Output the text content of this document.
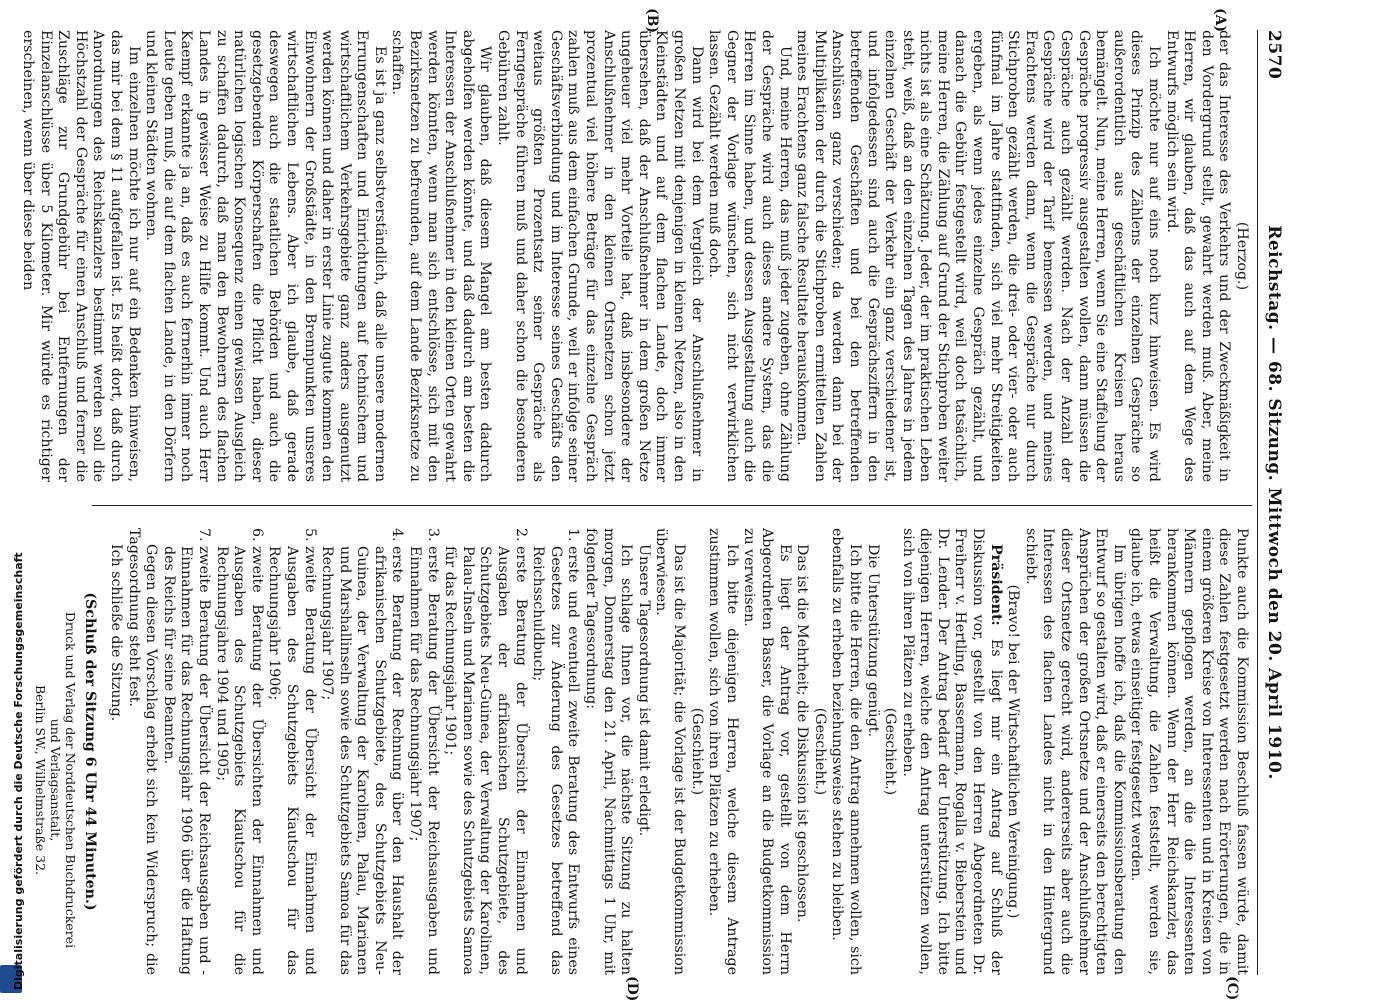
2570
Reichstag. — 68. Sitzung. Mittwoch den 20. April 1910.
(A)
(B)
(C)
(D)

(Herzog.)

der das Interesse des Verkehrs und der Zweckmäßigkeit in den Vordergrund stellt, gewahrt werden muß. Aber, meine Herren, wir glauben, daß das auch auf dem Wege des Entwurfs möglich sein wird.

Ich möchte nur auf eins noch kurz hinweisen. Es wird dieses Prinzip des Zählens der einzelnen Gespräche so außerordentlich aus geschäftlichen Kreisen heraus bemängelt. Nun, meine Herren, wenn Sie eine Staffelung der Gespräche progressiv ausgestalten wollen, dann müssen die Gespräche auch gezählt werden. Nach der Anzahl der Gespräche wird der Tarif bemessen werden, und meines Erachtens werden dann, wenn die Gespräche nur durch Stichproben gezählt werden, die drei- oder vier- oder auch fünfmal im Jahre stattfinden, sich viel mehr Streitigkeiten ergeben, als wenn jedes einzelne Gespräch gezählt, und danach die Gebühr festgestellt wird, weil doch tatsächlich, meine Herren, die Zählung auf Grund der Stichproben weiter nichts ist als eine Schätzung. Jeder, der im praktischen Leben steht, weiß, daß an den einzelnen Tagen des Jahres in jedem einzelnen Geschäft der Verkehr ein ganz verschiedener ist, und infolgedessen sind auch die Gesprächsziffern in den betreffenden Geschäften und bei den betreffenden Anschlüssen ganz verschieden; da werden dann bei der Multiplikation der durch die Stichproben ermittelten Zahlen meines Erachtens ganz falsche Resultate herauskommen.

Und, meine Herren, das muß jeder zugeben, ohne Zählung der Gespräche wird auch dieses andere System, das die Herren im Sinne haben, und dessen Ausgestaltung auch die Gegner der Vorlage wünschen, sich nicht verwirklichen lassen. Gezählt werden muß doch.

Dann wird bei dem Vergleich der Anschlußnehmer in großen Netzen mit denjenigen in kleinen Netzen, also in den Kleinstädten und auf dem flachen Lande, doch immer übersehen, daß der Anschlußnehmer in dem großen Netze ungeheuer viel mehr Vorteile hat, daß insbesondere der Anschlußnehmer in den kleinen Ortsnetzen schon jetzt prozentual viel höhere Beträge für das einzelne Gespräch zahlen muß aus dem einfachen Grunde, weil er infolge seiner Geschäftsverbindung und im Interesse seines Geschäfts den weitaus größten Prozentsatz seiner Gespräche als Ferngespräche führen muß und daher schon die besonderen Gebühren zahlt.

Wir glauben, daß diesem Mangel am besten dadurch abgeholfen werden könnte, und daß dadurch am besten die Interessen der Anschlußnehmer in den kleinen Orten gewahrt werden könnten, wenn man sich entschlösse, sich mit den Bezirksnetzen zu befreunden, auf dem Lande Bezirksnetze zu schaffen.

Es ist ja ganz selbstverständlich, daß alle unsere modernen Errungenschaften und Einrichtungen auf technischem und wirtschaftlichem Verkehrsgebiete ganz anders ausgenutzt werden können und daher in erster Linie zugute kommen den Einwohnern der Großstädte, in den Brennpunkten unseres wirtschaftlichen Lebens. Aber ich glaube, daß gerade deswegen auch die staatlichen Behörden und auch die gesetzgebenden Körperschaften die Pflicht haben, dieser natürlichen logischen Konsequenz einen gewissen Ausgleich zu schaffen dadurch, daß man den Bewohnern des flachen Landes in gewisser Weise zu Hilfe kommt. Und auch Herr Kaempf erkannte ja an, daß es auch fernerhin immer noch Leute geben muß, die auf dem flachen Lande, in den Dörfern und kleinen Städten wohnen.

Im einzelnen möchte ich nur auf ein Bedenken hinweisen, das mir bei dem § 11 aufgefallen ist. Es heißt dort, daß durch Anordnungen des Reichskanzlers bestimmt werden soll die Höchstzahl der Gespräche für einen Anschluß und ferner die Zuschläge zur Grundgebühr bei Entfernungen der Einzelanschlüsse über 5 Kilometer. Mir würde es richtiger erscheinen, wenn über diese beiden

Punkte auch die Kommission Beschluß fassen würde, damit diese Zahlen festgesetzt werden nach Erörterungen, die in einem größeren Kreise von Interessenten und in Kreisen von Männern gepflogen werden, an die die Interessenten herankommen können. Wenn der Herr Reichskanzler, das heißt die Verwaltung, die Zahlen feststellt, werden sie, glaube ich, etwas einseitiger festgesetzt werden.

Im übrigen hoffe ich, daß die Kommissionsberatung den Entwurf so gestalten wird, daß er einerseits den berechtigten Ansprüchen der großen Ortsnetze und der Anschlußnehmer dieser Ortsnetze gerecht wird, andererseits aber auch die Interessen des flachen Landes nicht in den Hintergrund schiebt.

(Bravo! bei der Wirtschaftlichen Vereinigung.)

Präsident: Es liegt mir ein Antrag auf Schluß der Diskussion vor, gestellt von den Herren Abgeordneten Dr. Freiherr v. Hertling, Bassermann, Rogalla v. Bieberstein und Dr. Lender. Der Antrag bedarf der Unterstützung. Ich bitte diejenigen Herren, welche den Antrag unterstützen wollen, sich von ihren Plätzen zu erheben.

(Geschieht.)

Die Unterstützung genügt.

Ich bitte die Herren, die den Antrag annehmen wollen, sich ebenfalls zu erheben beziehungsweise stehen zu bleiben.

(Geschieht.)

Das ist die Mehrheit; die Diskussion ist geschlossen.

Es liegt der Antrag vor, gestellt von dem Herrn Abgeordneten Basser, die Vorlage an die Budgetkommission zu verweisen.

Ich bitte diejenigen Herren, welche diesem Antrage zustimmen wollen, sich von ihren Plätzen zu erheben.

(Geschieht.)

Das ist die Majorität; die Vorlage ist der Budgetkommission überwiesen.

Unsere Tagesordnung ist damit erledigt.

Ich schlage Ihnen vor, die nächste Sitzung zu halten morgen, Donnerstag den 21. April, Nachmittags 1 Uhr, mit folgender Tagesordnung:

1. erste und eventuell zweite Beratung des Entwurfs eines Gesetzes zur Änderung des Gesetzes betreffend das Reichsschuldbuch;
2. erste Beratung der Übersicht der Einnahmen und Ausgaben der afrikanischen Schutzgebiete, des Schutzgebiets Neu-Guinea, der Verwaltung der Karolinen, Palau-Inseln und Marianen sowie des Schutzgebiets Samoa für das Rechnungsjahr 1901;
3. erste Beratung der Übersicht der Reichsausgaben und Einnahmen für das Rechnungsjahr 1907;
4. erste Beratung der Rechnung über den Haushalt der afrikanischen Schutzgebiete, des Schutzgebiets Neu-Guinea, der Verwaltung der Karolinen, Palau, Marianen und Marshallinseln sowie des Schutzgebiets Samoa für das Rechnungsjahr 1907;
5. zweite Beratung der Übersicht der Einnahmen und Ausgaben des Schutzgebiets Kiautschou für das Rechnungsjahr 1906;
6. zweite Beratung der Übersichten der Einnahmen und Ausgaben des Schutzgebiets Kiautschou für die Rechnungsjahre 1904 und 1905;
7. zweite Beratung der Übersicht der Reichsausgaben und -Einnahmen für das Rechnungsjahr 1906 über die Haftung des Reichs für seine Beamten.

Gegen diesen Vorschlag erhebt sich kein Widerspruch; die Tagesordnung steht fest.

Ich schließe die Sitzung.

(Schluß der Sitzung 6 Uhr 44 Minuten.)

Druck und Verlag der Norddeutschen Buchdruckerei und Verlagsanstalt,
Berlin SW., Wilhelmstraße 32.
Digitalisierung gefördert durch die Deutsche Forschungsgemeinschaft
